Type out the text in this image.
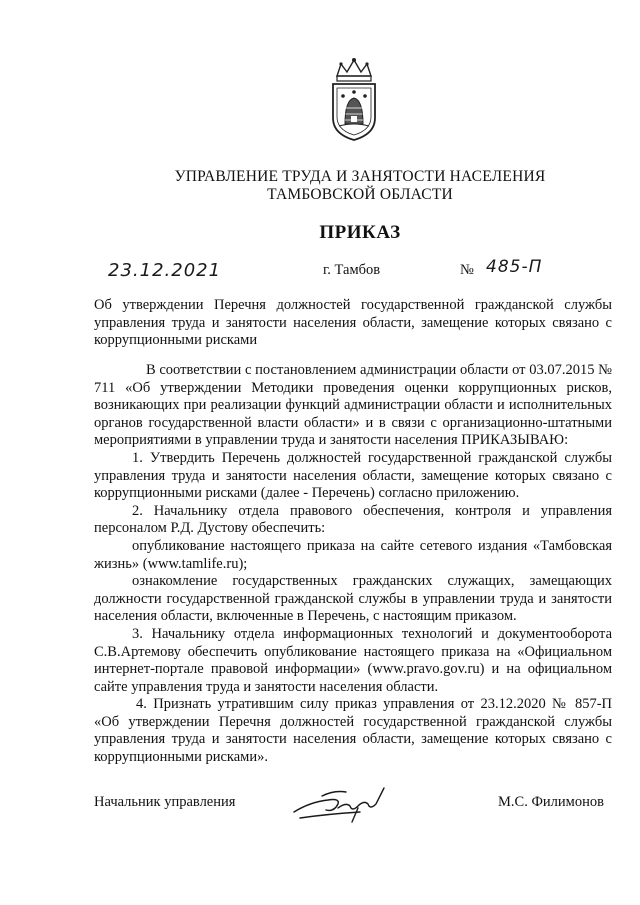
УПРАВЛЕНИЕ ТРУДА И ЗАНЯТОСТИ НАСЕЛЕНИЯ
ТАМБОВСКОЙ ОБЛАСТИ
ПРИКАЗ
23.12.2021	г. Тамбов	№ 485-П
Об утверждении Перечня должностей государственной гражданской службы управления труда и занятости населения области, замещение которых связано с коррупционными рисками

В соответствии с постановлением администрации области от 03.07.2015 № 711 «Об утверждении Методики проведения оценки коррупционных рисков, возникающих при реализации функций администрации области и исполнительных органов государственной власти области» и в связи с организационно-штатными мероприятиями в управлении труда и занятости населения ПРИКАЗЫВАЮ:

1. Утвердить Перечень должностей государственной гражданской службы управления труда и занятости населения области, замещение которых связано с коррупционными рисками (далее - Перечень) согласно приложению.

2. Начальнику отдела правового обеспечения, контроля и управления персоналом Р.Д. Дустову обеспечить:

опубликование настоящего приказа на сайте сетевого издания «Тамбовская жизнь» (www.tamlife.ru);

ознакомление государственных гражданских служащих, замещающих должности государственной гражданской службы в управлении труда и занятости населения области, включенные в Перечень, с настоящим приказом.

3. Начальнику отдела информационных технологий и документооборота С.В.Артемову обеспечить опубликование настоящего приказа на «Официальном интернет-портале правовой информации» (www.pravo.gov.ru) и на официальном сайте управления труда и занятости населения области.

4. Признать утратившим силу приказ управления от 23.12.2020 № 857-П «Об утверждении Перечня должностей государственной гражданской службы управления труда и занятости населения области, замещение которых связано с коррупционными рисками».

Начальник управления	М.С. Филимонов
